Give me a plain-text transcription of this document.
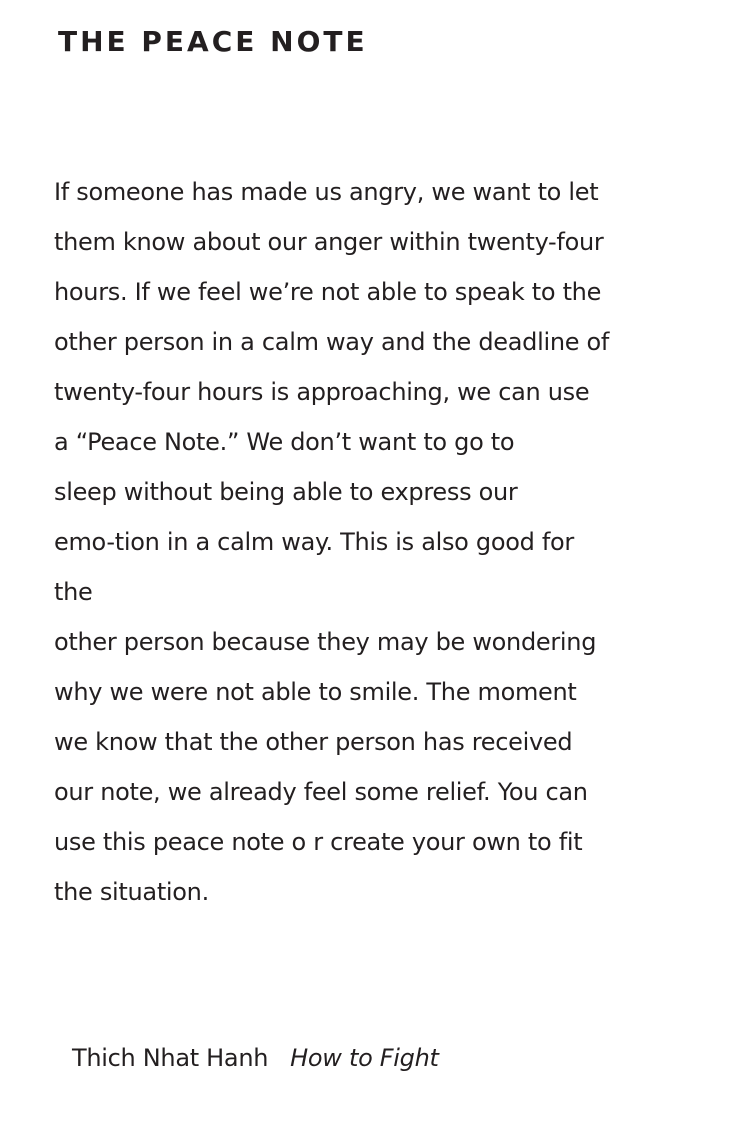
THE PEACE NOTE
If someone has made us angry, we want to let
them know about our anger within twenty-four
hours. If we feel we’re not able to speak to the
other person in a calm way and the deadline of
twenty-four hours is approaching, we can use
a “Peace Note.” We don’t want to go to
sleep without being able to express our
emo-tion in a calm way. This is also good for
the
other person because they may be wondering
why we were not able to smile. The moment
we know that the other person has received
our note, we already feel some relief. You can
use this peace note o r create your own to fit
the situation.

Thich Nhat Hanh How to Fight
